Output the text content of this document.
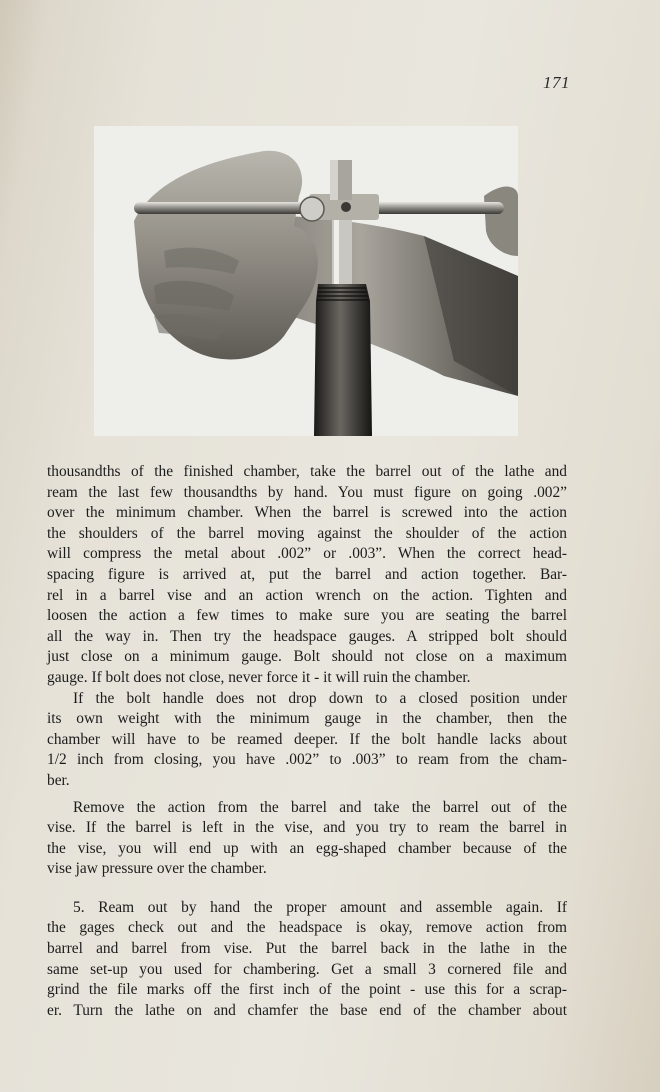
171
thousandths of the finished chamber, take the barrel out of the lathe and
ream the last few thousandths by hand. You must figure on going .002”
over the minimum chamber. When the barrel is screwed into the action
the shoulders of the barrel moving against the shoulder of the action
will compress the metal about .002” or .003”. When the correct head-
spacing figure is arrived at, put the barrel and action together. Bar-
rel in a barrel vise and an action wrench on the action. Tighten and
loosen the action a few times to make sure you are seating the barrel
all the way in. Then try the headspace gauges. A stripped bolt should
just close on a minimum gauge. Bolt should not close on a maximum
gauge. If bolt does not close, never force it - it will ruin the chamber.
If the bolt handle does not drop down to a closed position under
its own weight with the minimum gauge in the chamber, then the
chamber will have to be reamed deeper. If the bolt handle lacks about
1/2 inch from closing, you have .002” to .003” to ream from the cham-
ber.
Remove the action from the barrel and take the barrel out of the
vise. If the barrel is left in the vise, and you try to ream the barrel in
the vise, you will end up with an egg-shaped chamber because of the
vise jaw pressure over the chamber.
5. Ream out by hand the proper amount and assemble again. If
the gages check out and the headspace is okay, remove action from
barrel and barrel from vise. Put the barrel back in the lathe in the
same set-up you used for chambering. Get a small 3 cornered file and
grind the file marks off the first inch of the point - use this for a scrap-
er. Turn the lathe on and chamfer the base end of the chamber about
